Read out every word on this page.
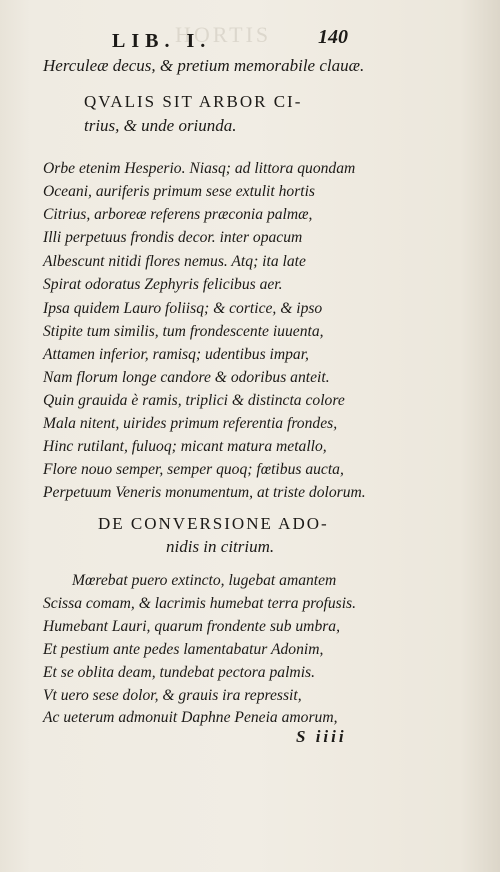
HORTIS
LIB. I.	140
Herculeæ decus, & pretium memorabile clauæ.
QVALIS SIT ARBOR CI-
trius, & unde oriunda.
Orbe etenim Hesperio. Niasq; ad littora quondam
Oceani, auriferis primum sese extulit hortis
Citrius, arboreæ referens præconia palmæ,
Illi perpetuus frondis decor. inter opacum
Albescunt nitidi flores nemus. Atq; ita late
Spirat odoratus Zephyris felicibus aer.
Ipsa quidem Lauro foliisq; & cortice, & ipso
Stipite tum similis, tum frondescente iuuenta,
Attamen inferior, ramisq; udentibus impar,
Nam florum longe candore & odoribus anteit.
Quin grauida è ramis, triplici & distincta colore
Mala nitent, uirides primum referentia frondes,
Hinc rutilant, fuluoq; micant matura metallo,
Flore nouo semper, semper quoq; fœtibus aucta,
Perpetuum Veneris monumentum, at triste dolorum.
DE CONVERSIONE ADO-
nidis in citrium.
Mœrebat puero extincto, lugebat amantem
Scissa comam, & lacrimis humebat terra profusis.
Humebant Lauri, quarum frondente sub umbra,
Et pestium ante pedes lamentabatur Adonim,
Et se oblita deam, tundebat pectora palmis.
Vt uero sese dolor, & grauis ira repressit,
Ac ueterum admonuit Daphne Peneia amorum,
S iiii
